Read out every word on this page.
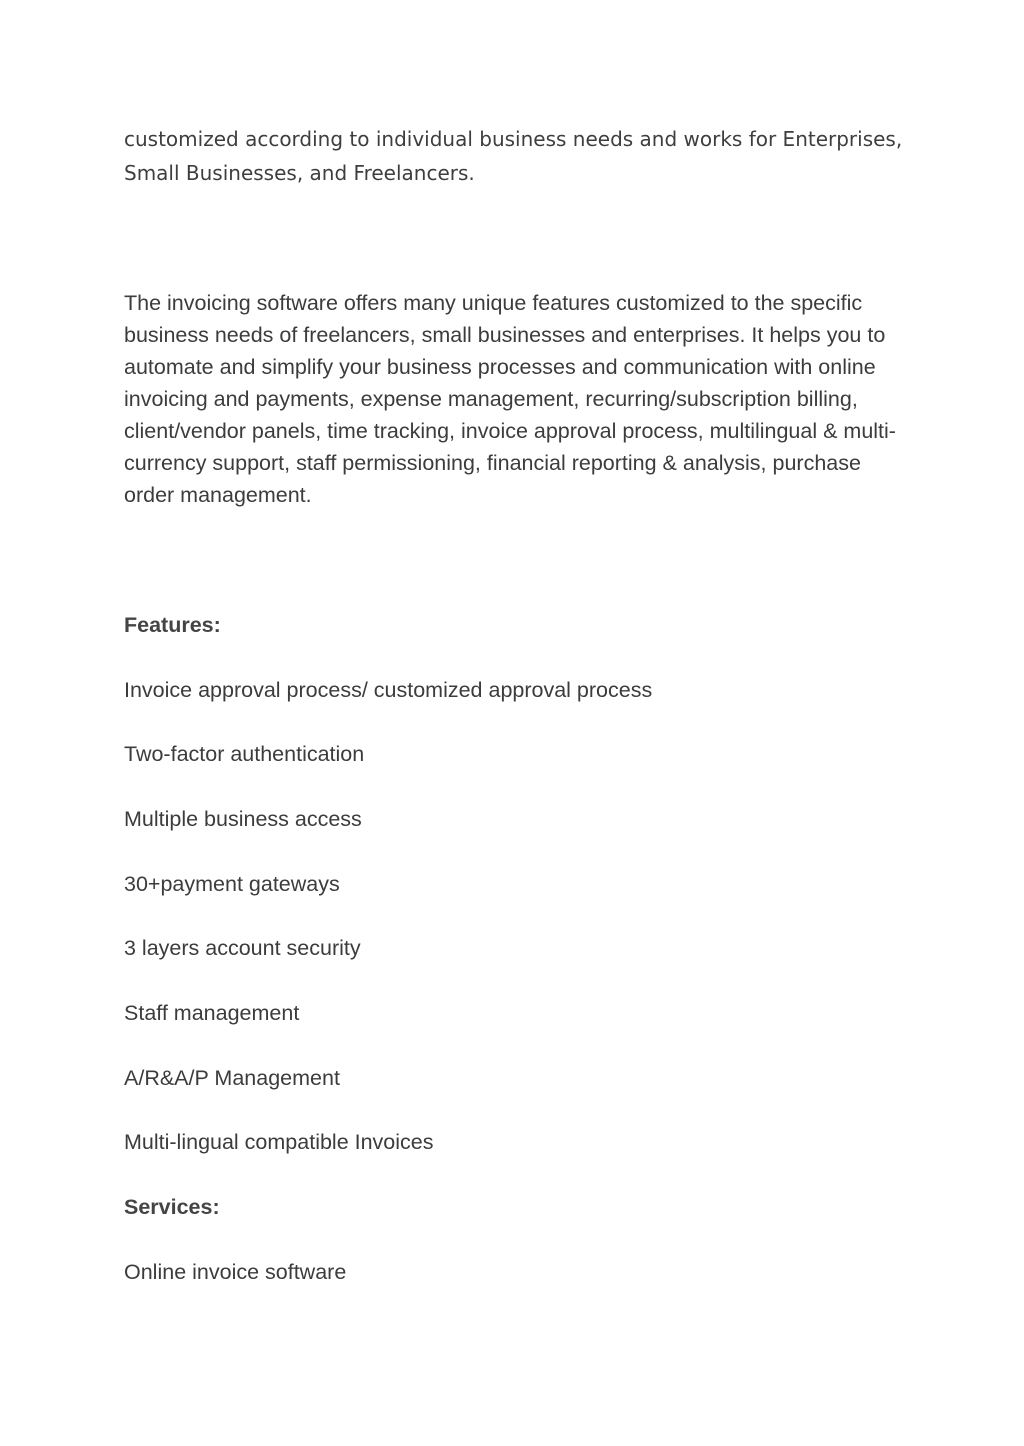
customized according to individual business needs and works for Enterprises,
Small Businesses, and Freelancers.

The invoicing software offers many unique features customized to the specific business needs of freelancers, small businesses and enterprises. It helps you to automate and simplify your business processes and communication with online invoicing and payments, expense management, recurring/subscription billing, client/vendor panels, time tracking, invoice approval process, multilingual & multi-currency support, staff permissioning, financial reporting & analysis, purchase order management.

Features:

Invoice approval process/ customized approval process

Two-factor authentication

Multiple business access

30+payment gateways

3 layers account security

Staff management

A/R&A/P Management

Multi-lingual compatible Invoices

Services:

Online invoice software
